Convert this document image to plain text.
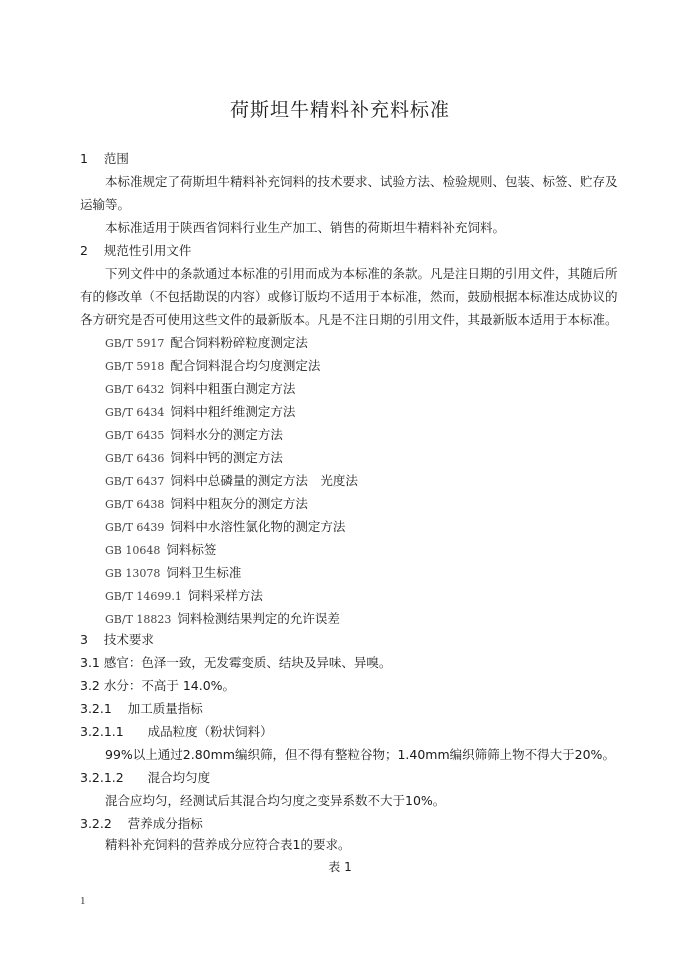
荷斯坦牛精料补充料标准
1 范围
本标准规定了荷斯坦牛精料补充饲料的技术要求、试验方法、检验规则、包装、标签、贮存及
运输等。
本标准适用于陕西省饲料行业生产加工、销售的荷斯坦牛精料补充饲料。
2 规范性引用文件
下列文件中的条款通过本标准的引用而成为本标准的条款。凡是注日期的引用文件，其随后所
有的修改单（不包括勘误的内容）或修订版均不适用于本标准，然而，鼓励根据本标准达成协议的
各方研究是否可使用这些文件的最新版本。凡是不注日期的引用文件，其最新版本适用于本标准。
GB/T 5917 配合饲料粉碎粒度测定法
GB/T 5918 配合饲料混合均匀度测定法
GB/T 6432 饲料中粗蛋白测定方法
GB/T 6434 饲料中粗纤维测定方法
GB/T 6435 饲料水分的测定方法
GB/T 6436 饲料中钙的测定方法
GB/T 6437 饲料中总磷量的测定方法　光度法
GB/T 6438 饲料中粗灰分的测定方法
GB/T 6439 饲料中水溶性氯化物的测定方法
GB 10648 饲料标签
GB 13078 饲料卫生标准
GB/T 14699.1 饲料采样方法
GB/T 18823 饲料检测结果判定的允许误差
3 技术要求
3.1 感官：色泽一致，无发霉变质、结块及异味、异嗅。
3.2 水分：不高于 14.0%。
3.2.1 加工质量指标
3.2.1.1 成品粒度（粉状饲料）
99%以上通过2.80mm编织筛，但不得有整粒谷物；1.40mm编织筛筛上物不得大于20%。
3.2.1.2 混合均匀度
混合应均匀，经测试后其混合均匀度之变异系数不大于10%。
3.2.2 营养成分指标
精料补充饲料的营养成分应符合表1的要求。
表 1
1
